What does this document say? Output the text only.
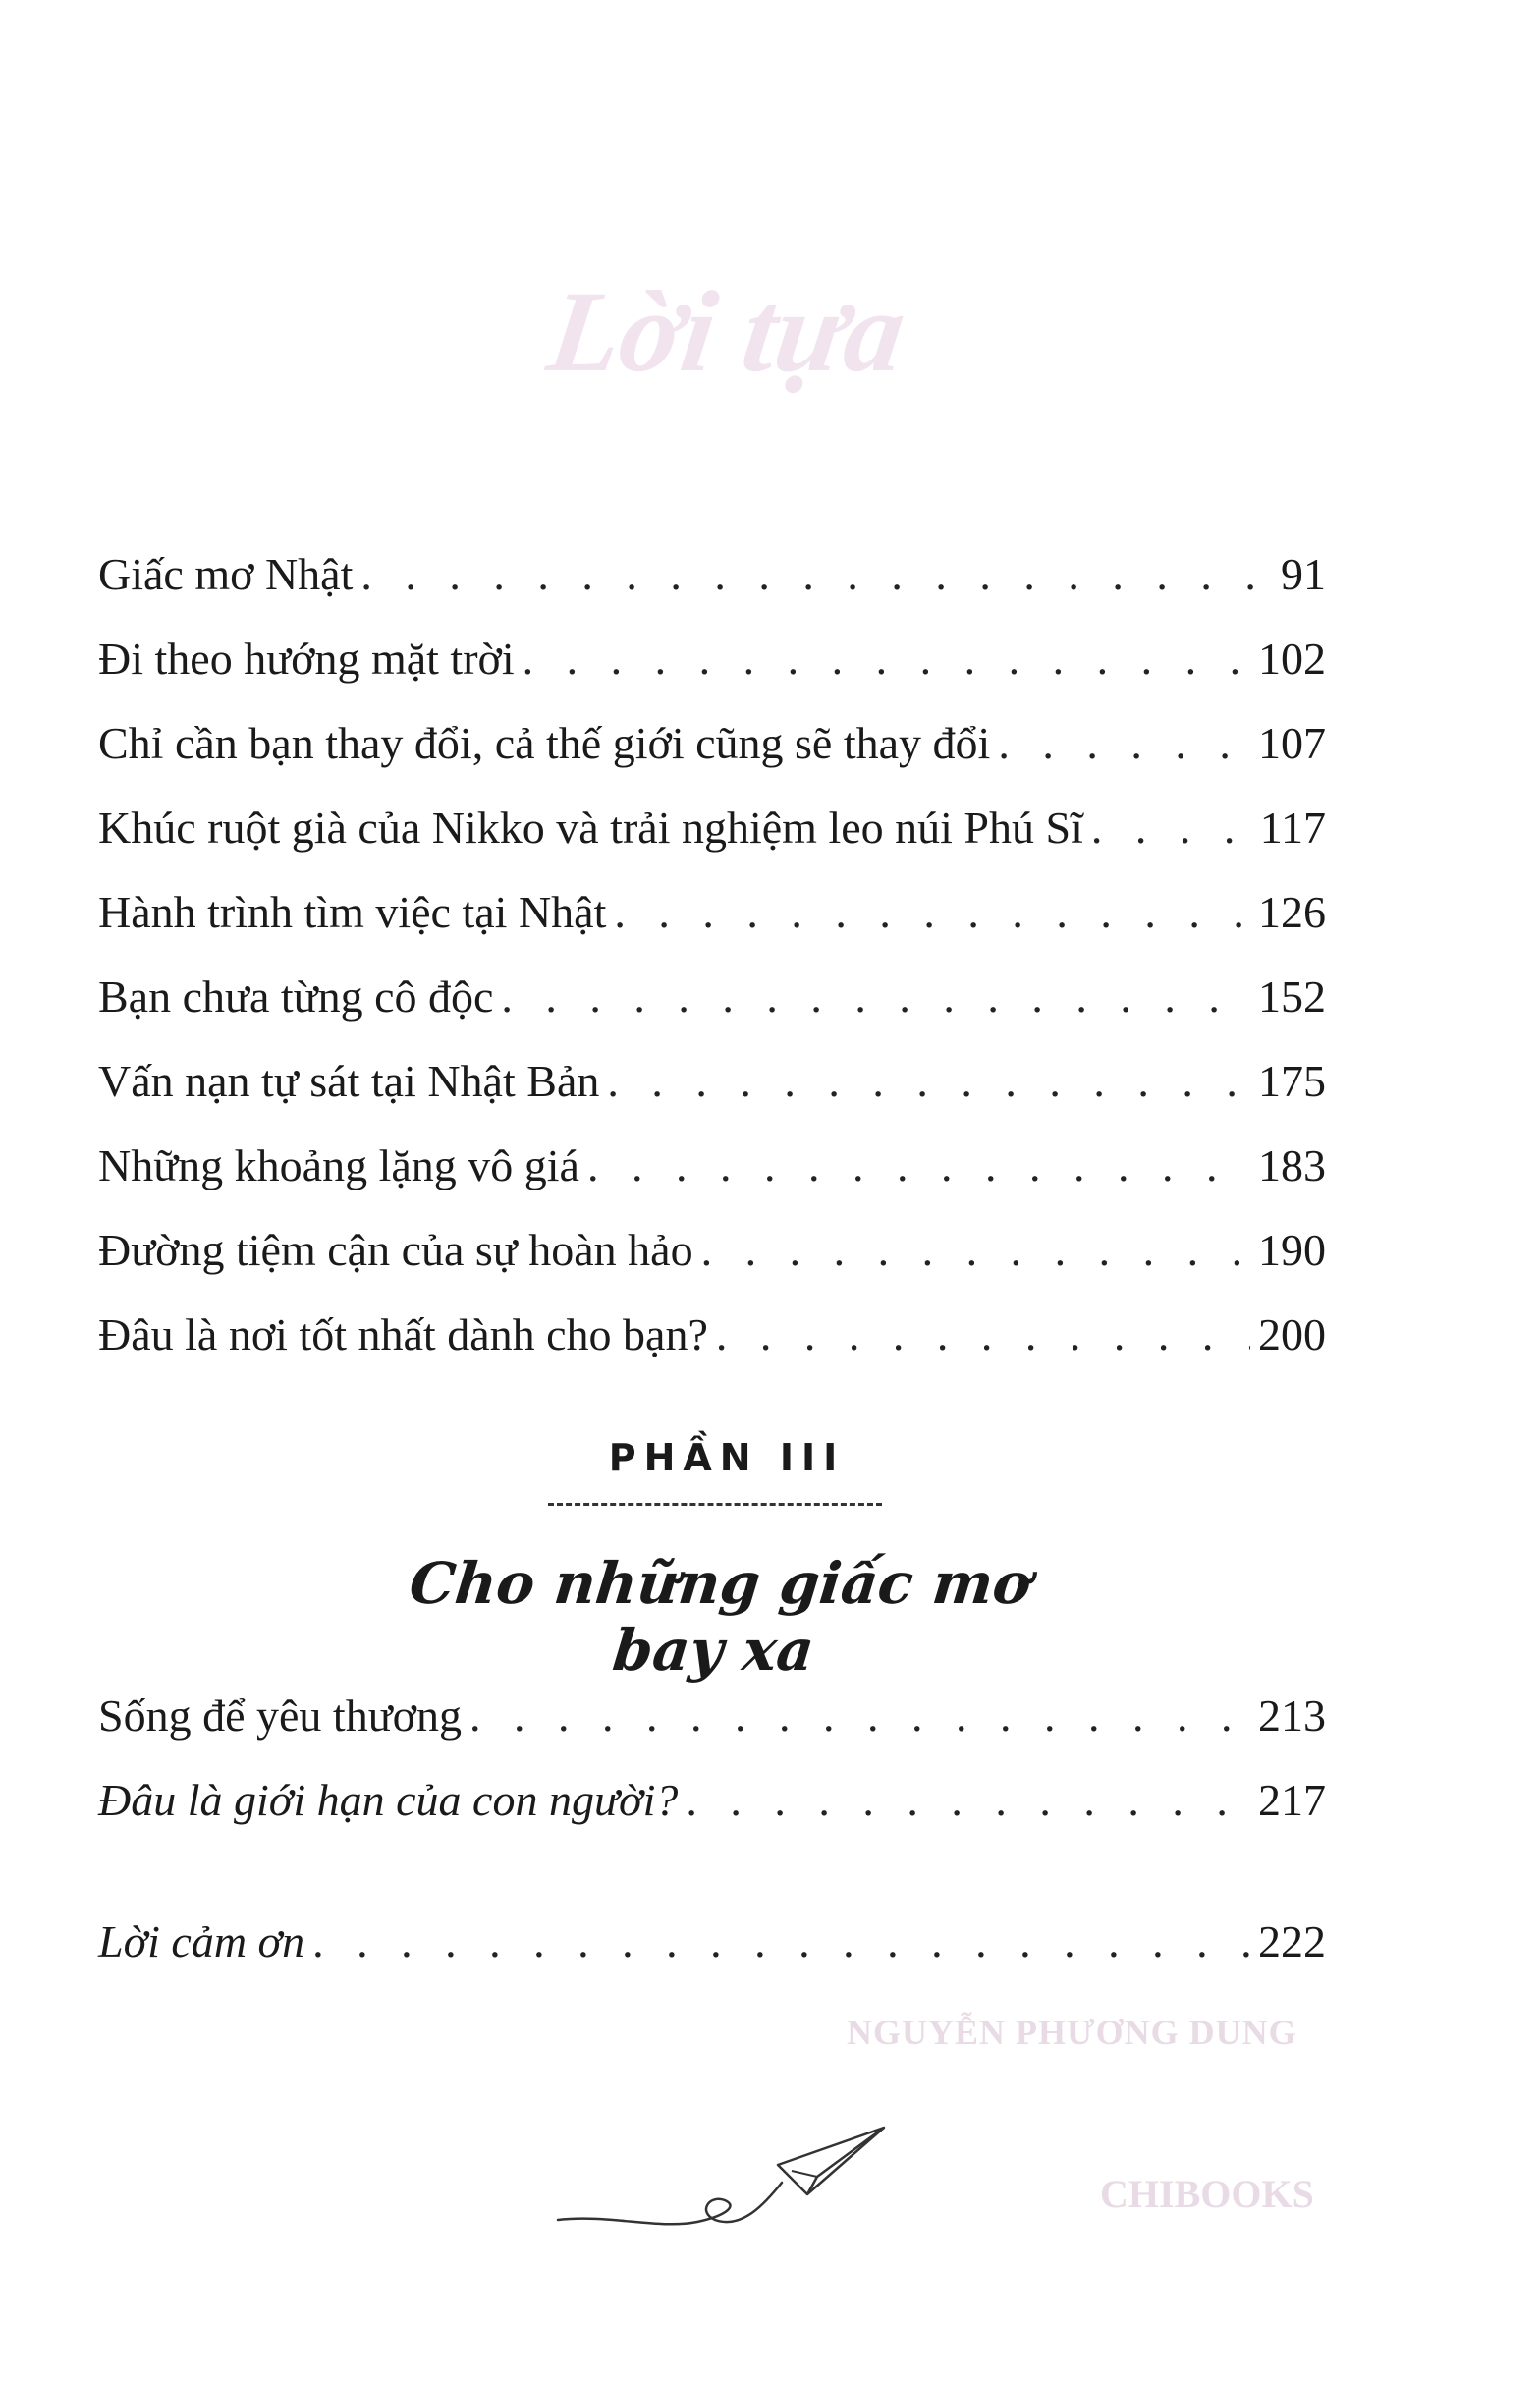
Lời tựa
NGUYỄN PHƯƠNG DUNG
CHIBOOKS
Giấc mơ Nhật . . .	91
Đi theo hướng mặt trời . . .	102
Chỉ cần bạn thay đổi, cả thế giới cũng sẽ thay đổi . . .	107
Khúc ruột già của Nikko và trải nghiệm leo núi Phú Sĩ . . .	117
Hành trình tìm việc tại Nhật . . .	126
Bạn chưa từng cô độc . . .	152
Vấn nạn tự sát tại Nhật Bản . . .	175
Những khoảng lặng vô giá . . .	183
Đường tiệm cận của sự hoàn hảo . . .	190
Đâu là nơi tốt nhất dành cho bạn? . . .	200
Sống để yêu thương . . .	213
Đâu là giới hạn của con người? . . .	217
Lời cảm ơn . . .	222
PHẦN III
Cho những giấc mơ bay xa
